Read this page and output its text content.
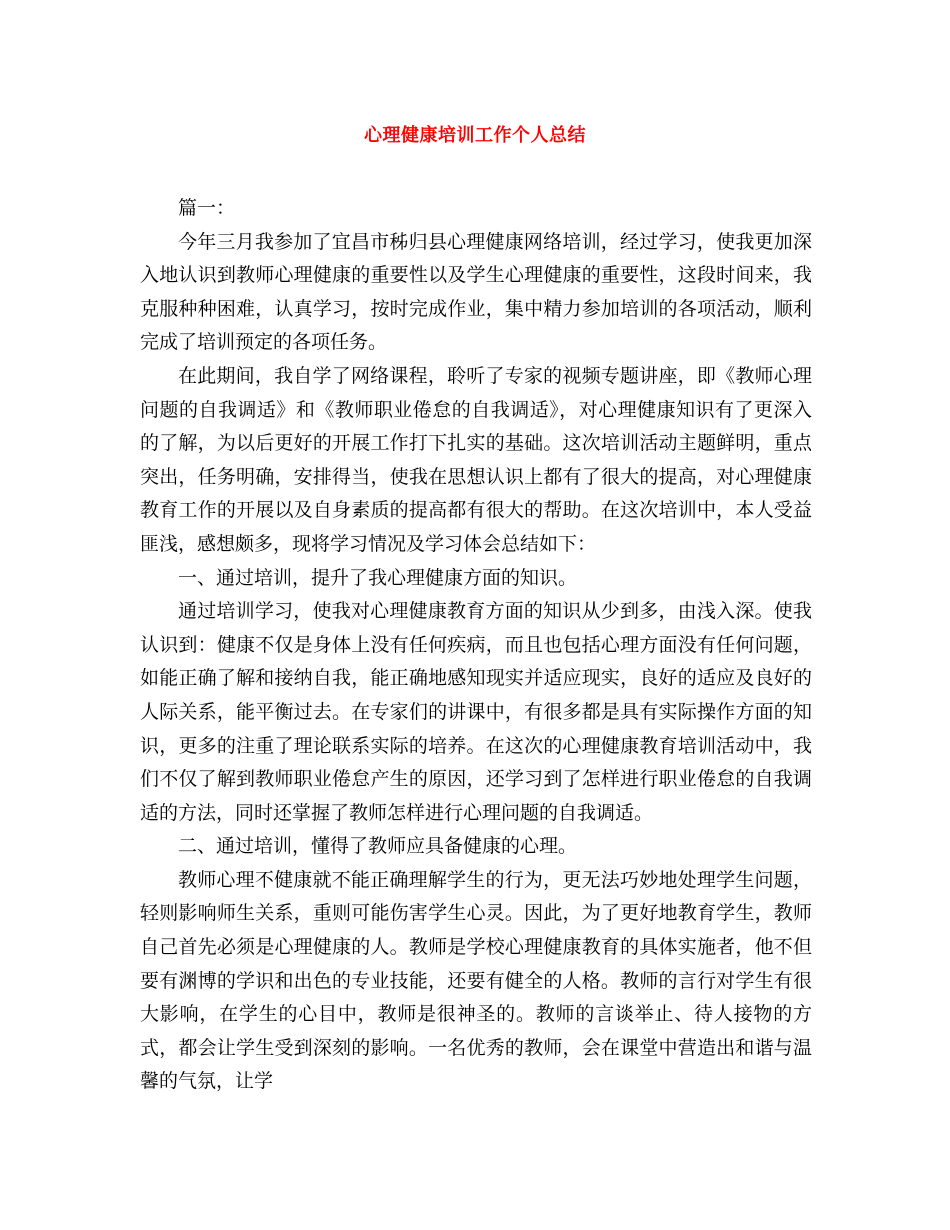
心理健康培训工作个人总结

篇一：

今年三月我参加了宜昌市秭归县心理健康网络培训，经过学习，使我更加深入地认识到教师心理健康的重要性以及学生心理健康的重要性，这段时间来，我克服种种困难，认真学习，按时完成作业，集中精力参加培训的各项活动，顺利完成了培训预定的各项任务。

在此期间，我自学了网络课程，聆听了专家的视频专题讲座，即《教师心理问题的自我调适》和《教师职业倦怠的自我调适》，对心理健康知识有了更深入的了解，为以后更好的开展工作打下扎实的基础。这次培训活动主题鲜明，重点突出，任务明确，安排得当，使我在思想认识上都有了很大的提高，对心理健康教育工作的开展以及自身素质的提高都有很大的帮助。在这次培训中，本人受益匪浅，感想颇多，现将学习情况及学习体会总结如下：

一、通过培训，提升了我心理健康方面的知识。

通过培训学习，使我对心理健康教育方面的知识从少到多，由浅入深。使我认识到：健康不仅是身体上没有任何疾病，而且也包括心理方面没有任何问题，如能正确了解和接纳自我，能正确地感知现实并适应现实，良好的适应及良好的人际关系，能平衡过去。在专家们的讲课中，有很多都是具有实际操作方面的知识，更多的注重了理论联系实际的培养。在这次的心理健康教育培训活动中，我们不仅了解到教师职业倦怠产生的原因，还学习到了怎样进行职业倦怠的自我调适的方法，同时还掌握了教师怎样进行心理问题的自我调适。

二、通过培训，懂得了教师应具备健康的心理。

教师心理不健康就不能正确理解学生的行为，更无法巧妙地处理学生问题，轻则影响师生关系，重则可能伤害学生心灵。因此，为了更好地教育学生，教师自己首先必须是心理健康的人。教师是学校心理健康教育的具体实施者，他不但要有渊博的学识和出色的专业技能，还要有健全的人格。教师的言行对学生有很大影响，在学生的心目中，教师是很神圣的。教师的言谈举止、待人接物的方式，都会让学生受到深刻的影响。一名优秀的教师，会在课堂中营造出和谐与温馨的气氛，让学
